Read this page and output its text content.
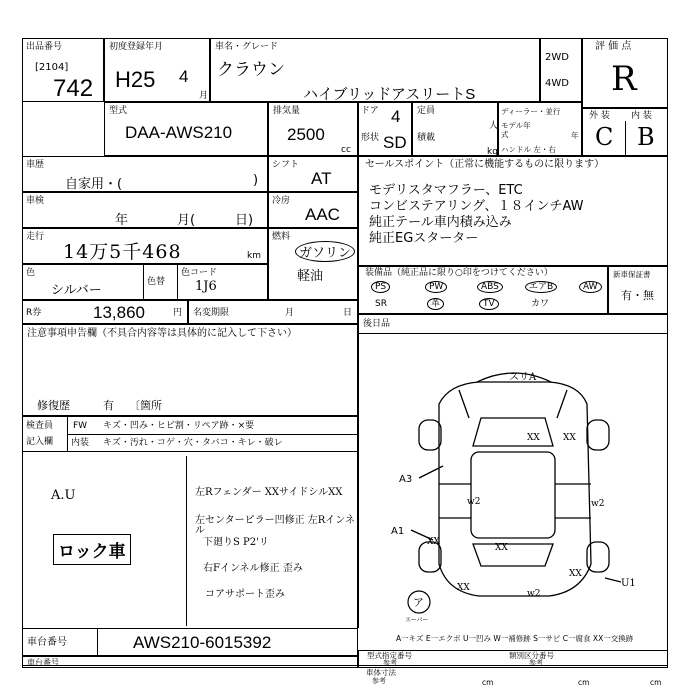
出品番号
[2104]
742
初度登録年月
H25 4
月
車名・グレード
クラウン
ハイブリッドアスリートS
2WD
4WD
評 価 点
R
型式
DAA-AWS210
排気量
2500
cc
ドア 4
形状 SD
定員
人
積載
kg
ディーラー・並行
モデル年式	年
ハンドル 左・右
外 装 内 装
C B
車歴
自家用・(	)
車検
年	月(	日)
走行
14万5千468	km
色
シルバー
色替
色コード
1J6
シフト
AT
冷房
AAC
燃料
ガソリン
軽油
R券	13,860	円 名変期限	月	日
セールスポイント（正常に機能するものに限ります）
モデリスタマフラー、ETC
コンビステアリング、１８インチAW
純正テール車内積み込み
純正EGスターター
装備品（純正品に限り○印をつけてください）
PS	PW	ABS	エアB	AW
SR	革	TV	カワ
新車保証書
有・無
後日品
注意事項申告欄（不具合内容等は具体的に記入して下さい）
修復歴	有 〔箇所
検査員
記入欄
FW キズ・凹み・ヒビ割・リペア跡・×要
内装 キズ・汚れ・コゲ・穴・タバコ・キレ・破レ
A.U
ロック車
左Rフェンダー XXサイドシルXX
左センターピラー凹修正 左Rインネル
下廻りS P2'リ
右Fインネル修正 歪み
コアサポート歪み
スリA
A3
A1
U1
w2	w2
w2
XX	XX
XX
XX
XX
XX
ア
スーパー
A一キズ E一エクボ U一凹み W一補修跡 S一サビ C一腐食 XX一交換跡
車台番号	AWS210-6015392
車台番号
型式指定番号	類別区分番号
参考	参考
車体寸法
参考	cm	cm	cm
